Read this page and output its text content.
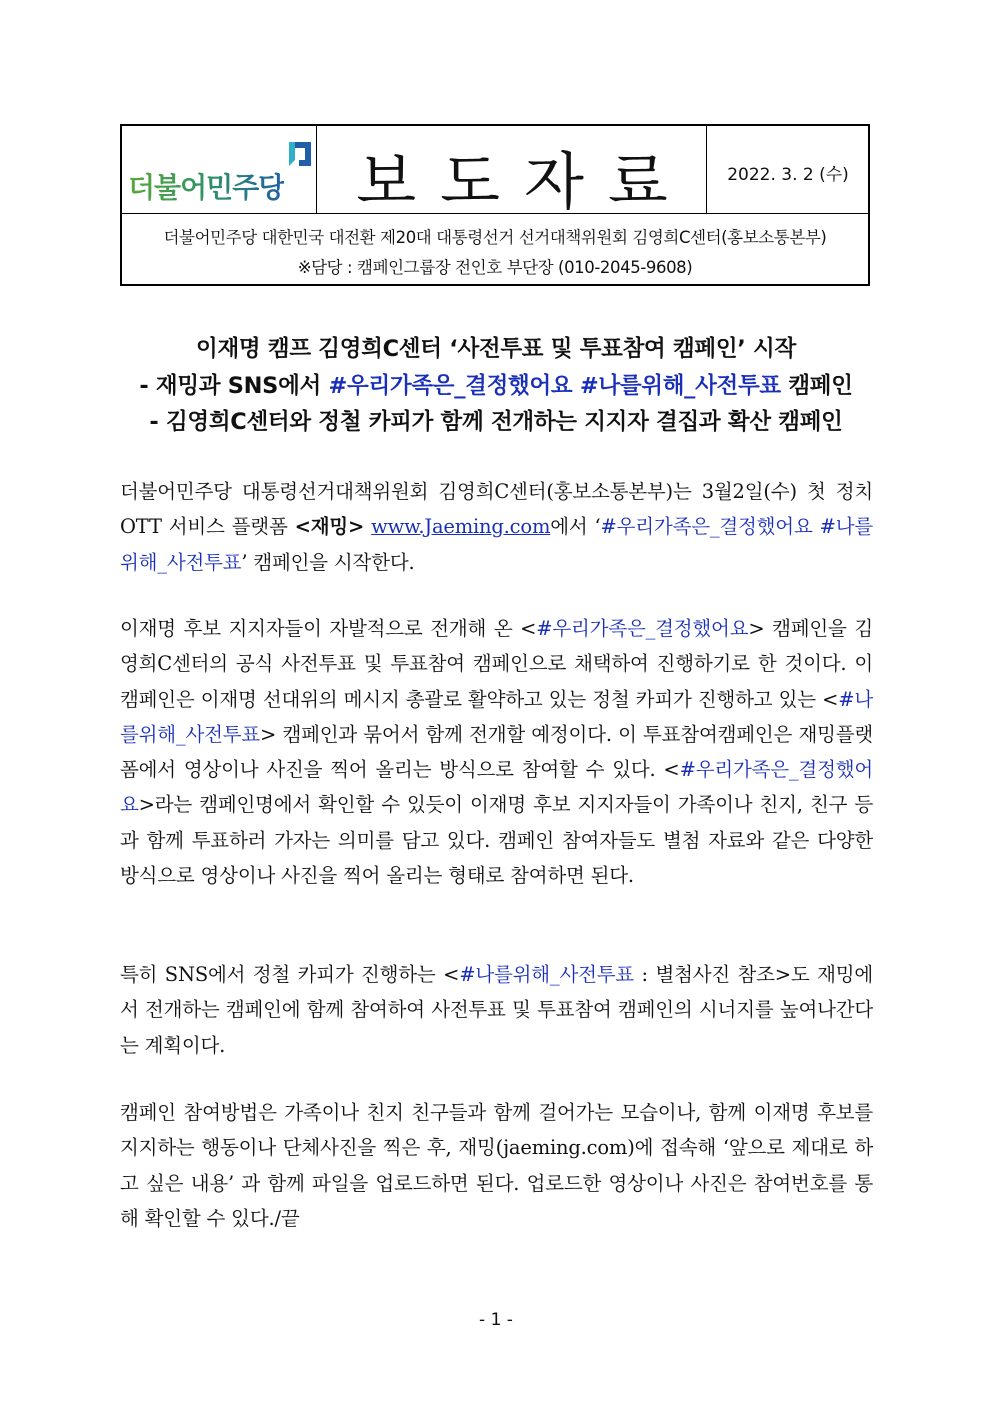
더불어민주당	보도자료	2022. 3. 2 (수)
더불어민주당 대한민국 대전환 제20대 대통령선거 선거대책위원회 김영희C센터(홍보소통본부)
※담당 : 캠페인그룹장 전인호 부단장 (010-2045-9608)
이재명 캠프 김영희C센터 ‘사전투표 및 투표참여 캠페인’ 시작
- 재밍과 SNS에서 #우리가족은_결정했어요 #나를위해_사전투표 캠페인
- 김영희C센터와 정철 카피가 함께 전개하는 지지자 결집과 확산 캠페인
더불어민주당 대통령선거대책위원회 김영희C센터(홍보소통본부)는 3월2일(수) 첫 정치OTT 서비스 플랫폼 <재밍> www.Jaeming.com에서 ‘#우리가족은_결정했어요 #나를위해_사전투표’ 캠페인을 시작한다.
이재명 후보 지지자들이 자발적으로 전개해 온 <#우리가족은_결정했어요> 캠페인을 김영희C센터의 공식 사전투표 및 투표참여 캠페인으로 채택하여 진행하기로 한 것이다. 이 캠페인은 이재명 선대위의 메시지 총괄로 활약하고 있는 정철 카피가 진행하고 있는 <#나를위해_사전투표> 캠페인과 묶어서 함께 전개할 예정이다. 이 투표참여캠페인은 재밍플랫폼에서 영상이나 사진을 찍어 올리는 방식으로 참여할 수 있다. <#우리가족은_결정했어요>라는 캠페인명에서 확인할 수 있듯이 이재명 후보 지지자들이 가족이나 친지, 친구 등과 함께 투표하러 가자는 의미를 담고 있다. 캠페인 참여자들도 별첨 자료와 같은 다양한 방식으로 영상이나 사진을 찍어 올리는 형태로 참여하면 된다.
특히 SNS에서 정철 카피가 진행하는 <#나를위해_사전투표 : 별첨사진 참조>도 재밍에서 전개하는 캠페인에 함께 참여하여 사전투표 및 투표참여 캠페인의 시너지를 높여나간다는 계획이다.
캠페인 참여방법은 가족이나 친지 친구들과 함께 걸어가는 모습이나, 함께 이재명 후보를 지지하는 행동이나 단체사진을 찍은 후, 재밍(jaeming.com)에 접속해 ‘앞으로 제대로 하고 싶은 내용’ 과 함께 파일을 업로드하면 된다. 업로드한 영상이나 사진은 참여번호를 통해 확인할 수 있다./끝
- 1 -
